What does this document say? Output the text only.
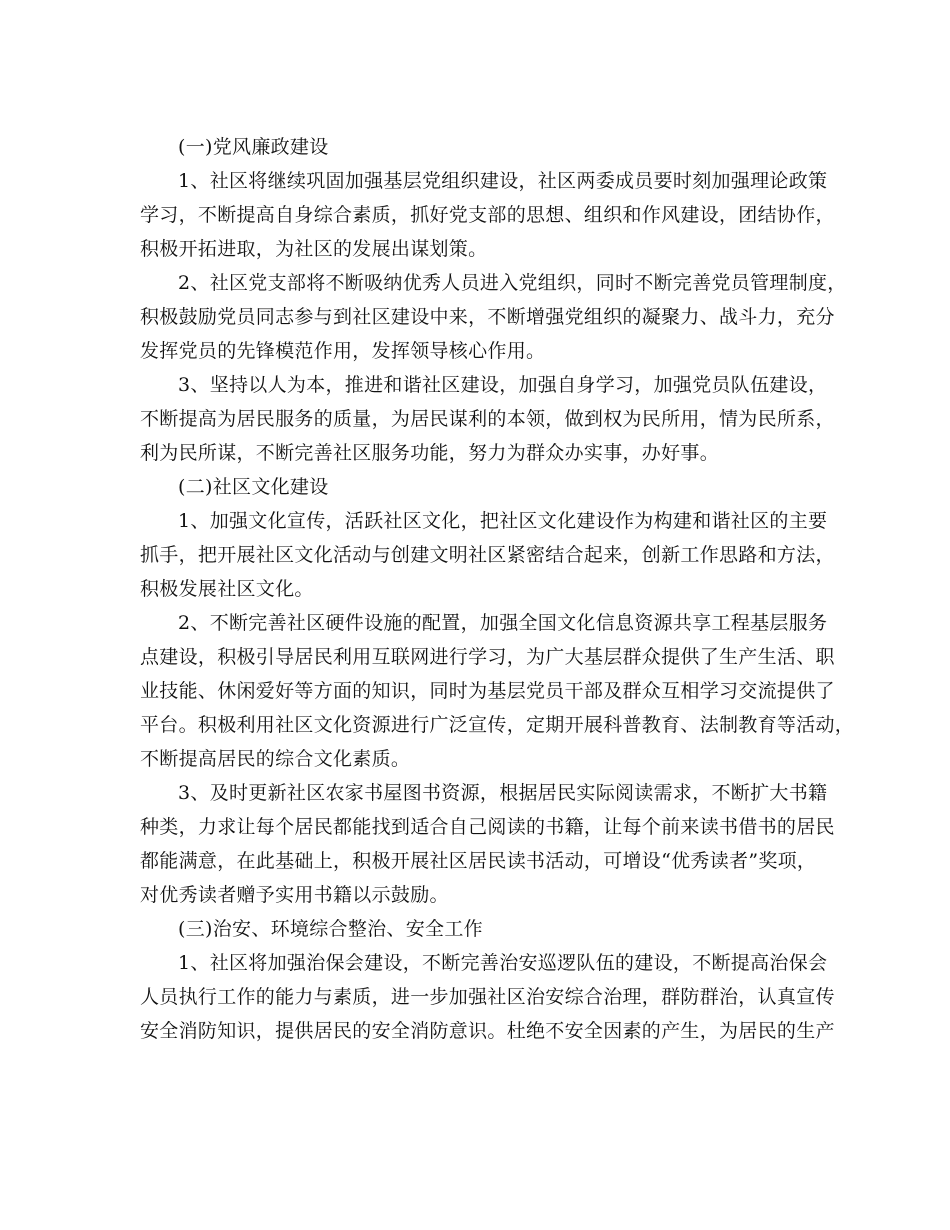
(一)党风廉政建设

1、社区将继续巩固加强基层党组织建设，社区两委成员要时刻加强理论政策
学习，不断提高自身综合素质，抓好党支部的思想、组织和作风建设，团结协作，
积极开拓进取，为社区的发展出谋划策。

2、社区党支部将不断吸纳优秀人员进入党组织，同时不断完善党员管理制度，
积极鼓励党员同志参与到社区建设中来，不断增强党组织的凝聚力、战斗力，充分
发挥党员的先锋模范作用，发挥领导核心作用。

3、坚持以人为本，推进和谐社区建设，加强自身学习，加强党员队伍建设，
不断提高为居民服务的质量，为居民谋利的本领，做到权为民所用，情为民所系，
利为民所谋，不断完善社区服务功能，努力为群众办实事，办好事。

(二)社区文化建设

1、加强文化宣传，活跃社区文化，把社区文化建设作为构建和谐社区的主要
抓手，把开展社区文化活动与创建文明社区紧密结合起来，创新工作思路和方法，
积极发展社区文化。

2、不断完善社区硬件设施的配置，加强全国文化信息资源共享工程基层服务
点建设，积极引导居民利用互联网进行学习，为广大基层群众提供了生产生活、职
业技能、休闲爱好等方面的知识，同时为基层党员干部及群众互相学习交流提供了
平台。积极利用社区文化资源进行广泛宣传，定期开展科普教育、法制教育等活动，
不断提高居民的综合文化素质。

3、及时更新社区农家书屋图书资源，根据居民实际阅读需求，不断扩大书籍
种类，力求让每个居民都能找到适合自己阅读的书籍，让每个前来读书借书的居民
都能满意，在此基础上，积极开展社区居民读书活动，可增设“优秀读者”奖项，
对优秀读者赠予实用书籍以示鼓励。

(三)治安、环境综合整治、安全工作

1、社区将加强治保会建设，不断完善治安巡逻队伍的建设，不断提高治保会
人员执行工作的能力与素质，进一步加强社区治安综合治理，群防群治，认真宣传
安全消防知识，提供居民的安全消防意识。杜绝不安全因素的产生，为居民的生产
